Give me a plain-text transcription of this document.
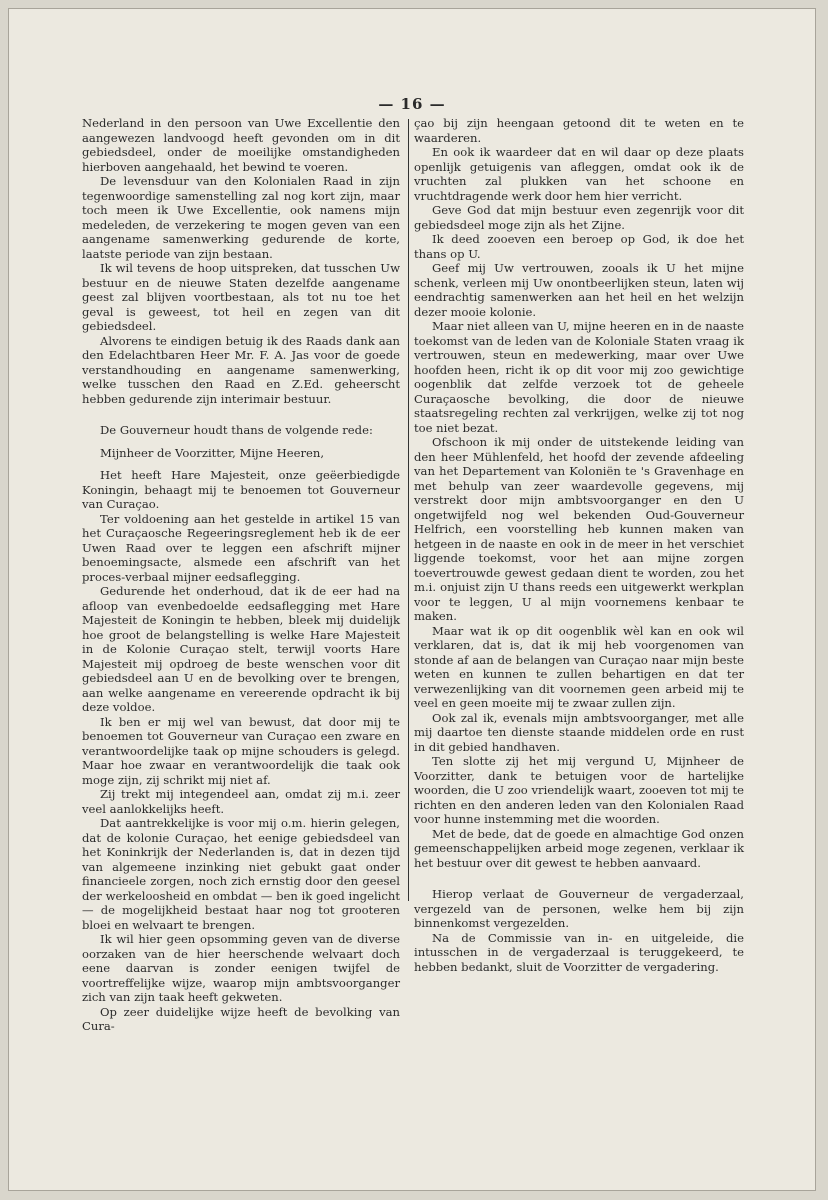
— 16 —

Nederland in den persoon van Uwe Excellentie den aangewezen landvoogd heeft gevonden om in dit gebiedsdeel, onder de moeilijke omstandigheden hierboven aangehaald, het bewind te voeren.

De levensduur van den Kolonialen Raad in zijn tegenwoordige samenstelling zal nog kort zijn, maar toch meen ik Uwe Excellentie, ook namens mijn medeleden, de verzekering te mogen geven van een aangename samenwerking gedurende de korte, laatste periode van zijn bestaan.

Ik wil tevens de hoop uitspreken, dat tusschen Uw bestuur en de nieuwe Staten dezelfde aangename geest zal blijven voortbestaan, als tot nu toe het geval is geweest, tot heil en zegen van dit gebiedsdeel.

Alvorens te eindigen betuig ik des Raads dank aan den Edelachtbaren Heer Mr. F. A. Jas voor de goede verstandhouding en aangename samenwerking, welke tusschen den Raad en Z.Ed. geheerscht hebben gedurende zijn interimair bestuur.

De Gouverneur houdt thans de volgende rede:

Mijnheer de Voorzitter, Mijne Heeren,

Het heeft Hare Majesteit, onze geëerbiedigde Koningin, behaagt mij te benoemen tot Gouverneur van Curaçao.

Ter voldoening aan het gestelde in artikel 15 van het Curaçaosche Regeeringsreglement heb ik de eer Uwen Raad over te leggen een afschrift mijner benoemingsacte, alsmede een afschrift van het proces-verbaal mijner eedsaflegging.

Gedurende het onderhoud, dat ik de eer had na afloop van evenbedoelde eedsaflegging met Hare Majesteit de Koningin te hebben, bleek mij duidelijk hoe groot de belangstelling is welke Hare Majesteit in de Kolonie Curaçao stelt, terwijl voorts Hare Majesteit mij opdroeg de beste wenschen voor dit gebiedsdeel aan U en de bevolking over te brengen, aan welke aangename en vereerende opdracht ik bij deze voldoe.

Ik ben er mij wel van bewust, dat door mij te benoemen tot Gouverneur van Curaçao een zware en verantwoordelijke taak op mijne schouders is gelegd. Maar hoe zwaar en verantwoordelijk die taak ook moge zijn, zij schrikt mij niet af.

Zij trekt mij integendeel aan, omdat zij m.i. zeer veel aanlokkelijks heeft.

Dat aantrekkelijke is voor mij o.m. hierin gelegen, dat de kolonie Curaçao, het eenige gebiedsdeel van het Koninkrijk der Nederlanden is, dat in dezen tijd van algemeene inzinking niet gebukt gaat onder financieele zorgen, noch zich ernstig door den geesel der werkeloosheid en ombdat — ben ik goed ingelicht — de mogelijkheid bestaat haar nog tot grooteren bloei en welvaart te brengen.

Ik wil hier geen opsomming geven van de diverse oorzaken van de hier heerschende welvaart doch eene daarvan is zonder eenigen twijfel de voortreffelijke wijze, waarop mijn ambtsvoorganger zich van zijn taak heeft gekweten.

Op zeer duidelijke wijze heeft de bevolking van Cura-

çao bij zijn heengaan getoond dit te weten en te waarderen.

En ook ik waardeer dat en wil daar op deze plaats openlijk getuigenis van afleggen, omdat ook ik de vruchten zal plukken van het schoone en vruchtdragende werk door hem hier verricht.

Geve God dat mijn bestuur even zegenrijk voor dit gebiedsdeel moge zijn als het Zijne.

Ik deed zooeven een beroep op God, ik doe het thans op U.

Geef mij Uw vertrouwen, zooals ik U het mijne schenk, verleen mij Uw onontbeerlijken steun, laten wij eendrachtig samenwerken aan het heil en het welzijn dezer mooie kolonie.

Maar niet alleen van U, mijne heeren en in de naaste toekomst van de leden van de Koloniale Staten vraag ik vertrouwen, steun en medewerking, maar over Uwe hoofden heen, richt ik op dit voor mij zoo gewichtige oogenblik dat zelfde verzoek tot de geheele Curaçaosche bevolking, die door de nieuwe staatsregeling rechten zal verkrijgen, welke zij tot nog toe niet bezat.

Ofschoon ik mij onder de uitstekende leiding van den heer Mühlenfeld, het hoofd der zevende afdeeling van het Departement van Koloniën te 's Gravenhage en met behulp van zeer waardevolle gegevens, mij verstrekt door mijn ambtsvoorganger en den U ongetwijfeld nog wel bekenden Oud-Gouverneur Helfrich, een voorstelling heb kunnen maken van hetgeen in de naaste en ook in de meer in het verschiet liggende toekomst, voor het aan mijne zorgen toevertrouwde gewest gedaan dient te worden, zou het m.i. onjuist zijn U thans reeds een uitgewerkt werkplan voor te leggen, U al mijn voornemens kenbaar te maken.

Maar wat ik op dit oogenblik wèl kan en ook wil verklaren, dat is, dat ik mij heb voorgenomen van stonde af aan de belangen van Curaçao naar mijn beste weten en kunnen te zullen behartigen en dat ter verwezenlijking van dit voornemen geen arbeid mij te veel en geen moeite mij te zwaar zullen zijn.

Ook zal ik, evenals mijn ambtsvoorganger, met alle mij daartoe ten dienste staande middelen orde en rust in dit gebied handhaven.

Ten slotte zij het mij vergund U, Mijnheer de Voorzitter, dank te betuigen voor de hartelijke woorden, die U zoo vriendelijk waart, zooeven tot mij te richten en den anderen leden van den Kolonialen Raad voor hunne instemming met die woorden.

Met de bede, dat de goede en almachtige God onzen gemeenschappelijken arbeid moge zegenen, verklaar ik het bestuur over dit gewest te hebben aanvaard.

Hierop verlaat de Gouverneur de vergaderzaal, vergezeld van de personen, welke hem bij zijn binnenkomst vergezelden.

Na de Commissie van in- en uitgeleide, die intusschen in de vergaderzaal is teruggekeerd, te hebben bedankt, sluit de Voorzitter de vergadering.
